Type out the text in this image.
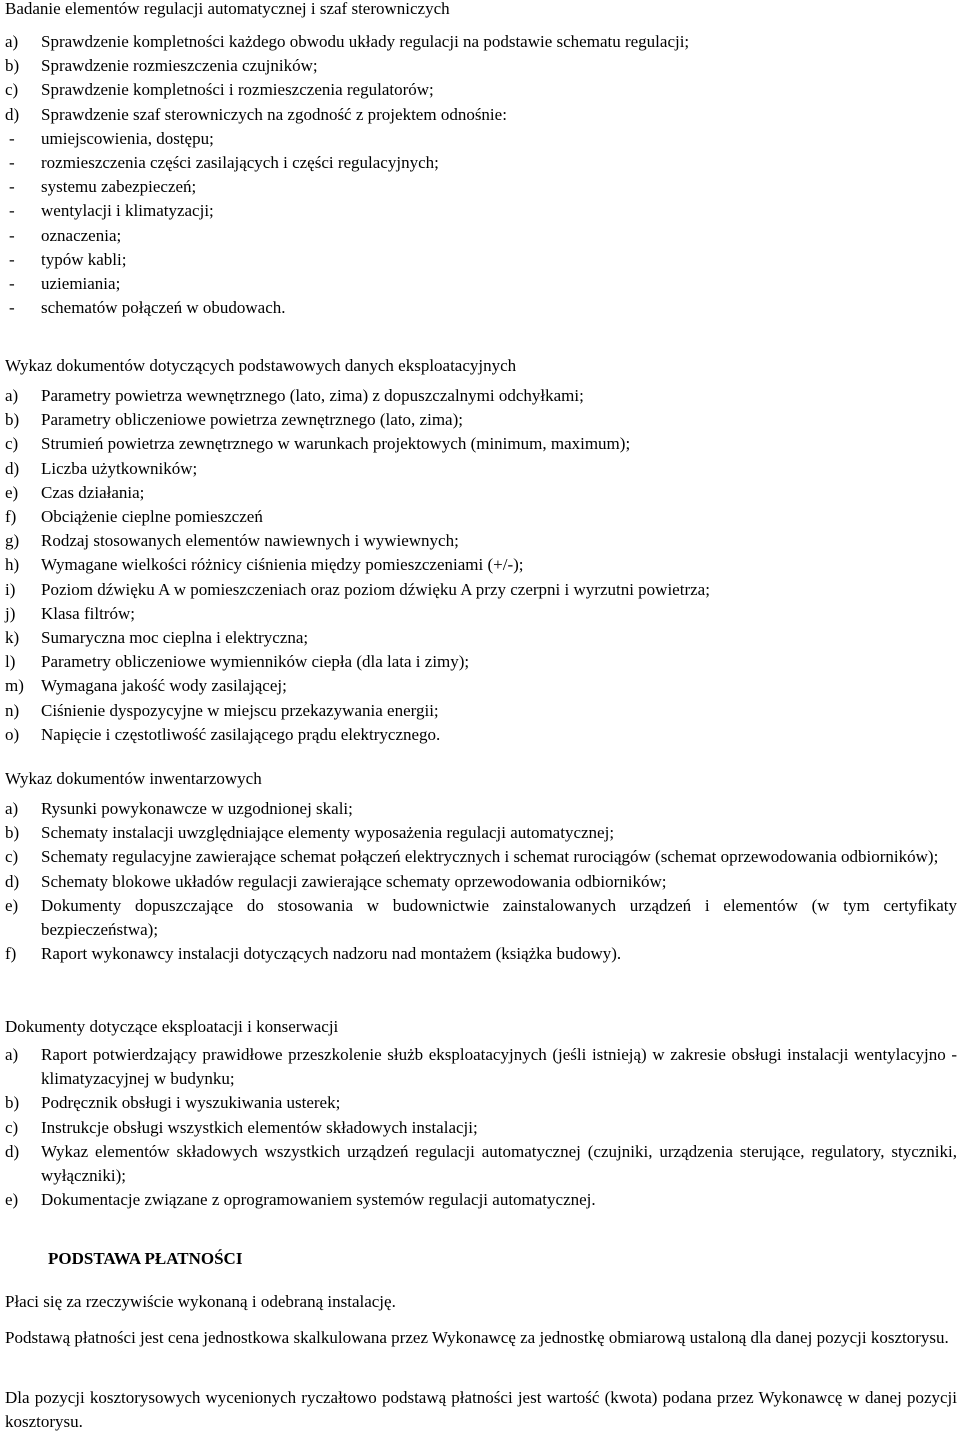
Badanie elementów regulacji automatycznej i szaf sterowniczych

a)	Sprawdzenie kompletności każdego obwodu układy regulacji na podstawie schematu regulacji;
b)	Sprawdzenie rozmieszczenia czujników;
c)	Sprawdzenie kompletności i rozmieszczenia regulatorów;
d)	Sprawdzenie szaf sterowniczych na zgodność z projektem odnośnie:
-	umiejscowienia, dostępu;
-	rozmieszczenia części zasilających i części regulacyjnych;
-	systemu zabezpieczeń;
-	wentylacji i klimatyzacji;
-	oznaczenia;
-	typów kabli;
-	uziemiania;
-	schematów połączeń w obudowach.

Wykaz dokumentów dotyczących podstawowych danych eksploatacyjnych

a)	Parametry powietrza wewnętrznego (lato, zima) z dopuszczalnymi odchyłkami;
b)	Parametry obliczeniowe powietrza zewnętrznego (lato, zima);
c)	Strumień powietrza zewnętrznego w warunkach projektowych (minimum, maximum);
d)	Liczba użytkowników;
e)	Czas działania;
f)	Obciążenie cieplne pomieszczeń
g)	Rodzaj stosowanych elementów nawiewnych i wywiewnych;
h)	Wymagane wielkości różnicy ciśnienia między pomieszczeniami (+/-);
i)	Poziom dźwięku A w pomieszczeniach oraz poziom dźwięku A przy czerpni i wyrzutni powietrza;
j)	Klasa filtrów;
k)	Sumaryczna moc cieplna i elektryczna;
l)	Parametry obliczeniowe wymienników ciepła (dla lata i zimy);
m)	Wymagana jakość wody zasilającej;
n)	Ciśnienie dyspozycyjne w miejscu przekazywania energii;
o)	Napięcie i częstotliwość zasilającego prądu elektrycznego.

Wykaz dokumentów inwentarzowych

a)	Rysunki powykonawcze w uzgodnionej skali;
b)	Schematy instalacji uwzględniające elementy wyposażenia regulacji automatycznej;
c)	Schematy regulacyjne zawierające schemat połączeń elektrycznych i schemat rurociągów (schemat oprzewodowania odbiorników);
d)	Schematy blokowe układów regulacji zawierające schematy oprzewodowania odbiorników;
e)	Dokumenty dopuszczające do stosowania w budownictwie zainstalowanych urządzeń i elementów (w tym certyfikaty bezpieczeństwa);
f)	Raport wykonawcy instalacji dotyczących nadzoru nad montażem (książka budowy).

Dokumenty dotyczące eksploatacji i konserwacji

a)	Raport potwierdzający prawidłowe przeszkolenie służb eksploatacyjnych (jeśli istnieją) w zakresie obsługi instalacji wentylacyjno - klimatyzacyjnej w budynku;
b)	Podręcznik obsługi i wyszukiwania usterek;
c)	Instrukcje obsługi wszystkich elementów składowych instalacji;
d)	Wykaz elementów składowych wszystkich urządzeń regulacji automatycznej (czujniki, urządzenia sterujące, regulatory, styczniki, wyłączniki);
e)	Dokumentacje związane z oprogramowaniem systemów regulacji automatycznej.

PODSTAWA PŁATNOŚCI

Płaci się za rzeczywiście wykonaną i odebraną instalację.

Podstawą płatności jest cena jednostkowa skalkulowana przez Wykonawcę za jednostkę obmiarową ustaloną dla danej pozycji kosztorysu.

Dla pozycji kosztorysowych wycenionych ryczałtowo podstawą płatności jest wartość (kwota) podana przez Wykonawcę w danej pozycji kosztorysu.
